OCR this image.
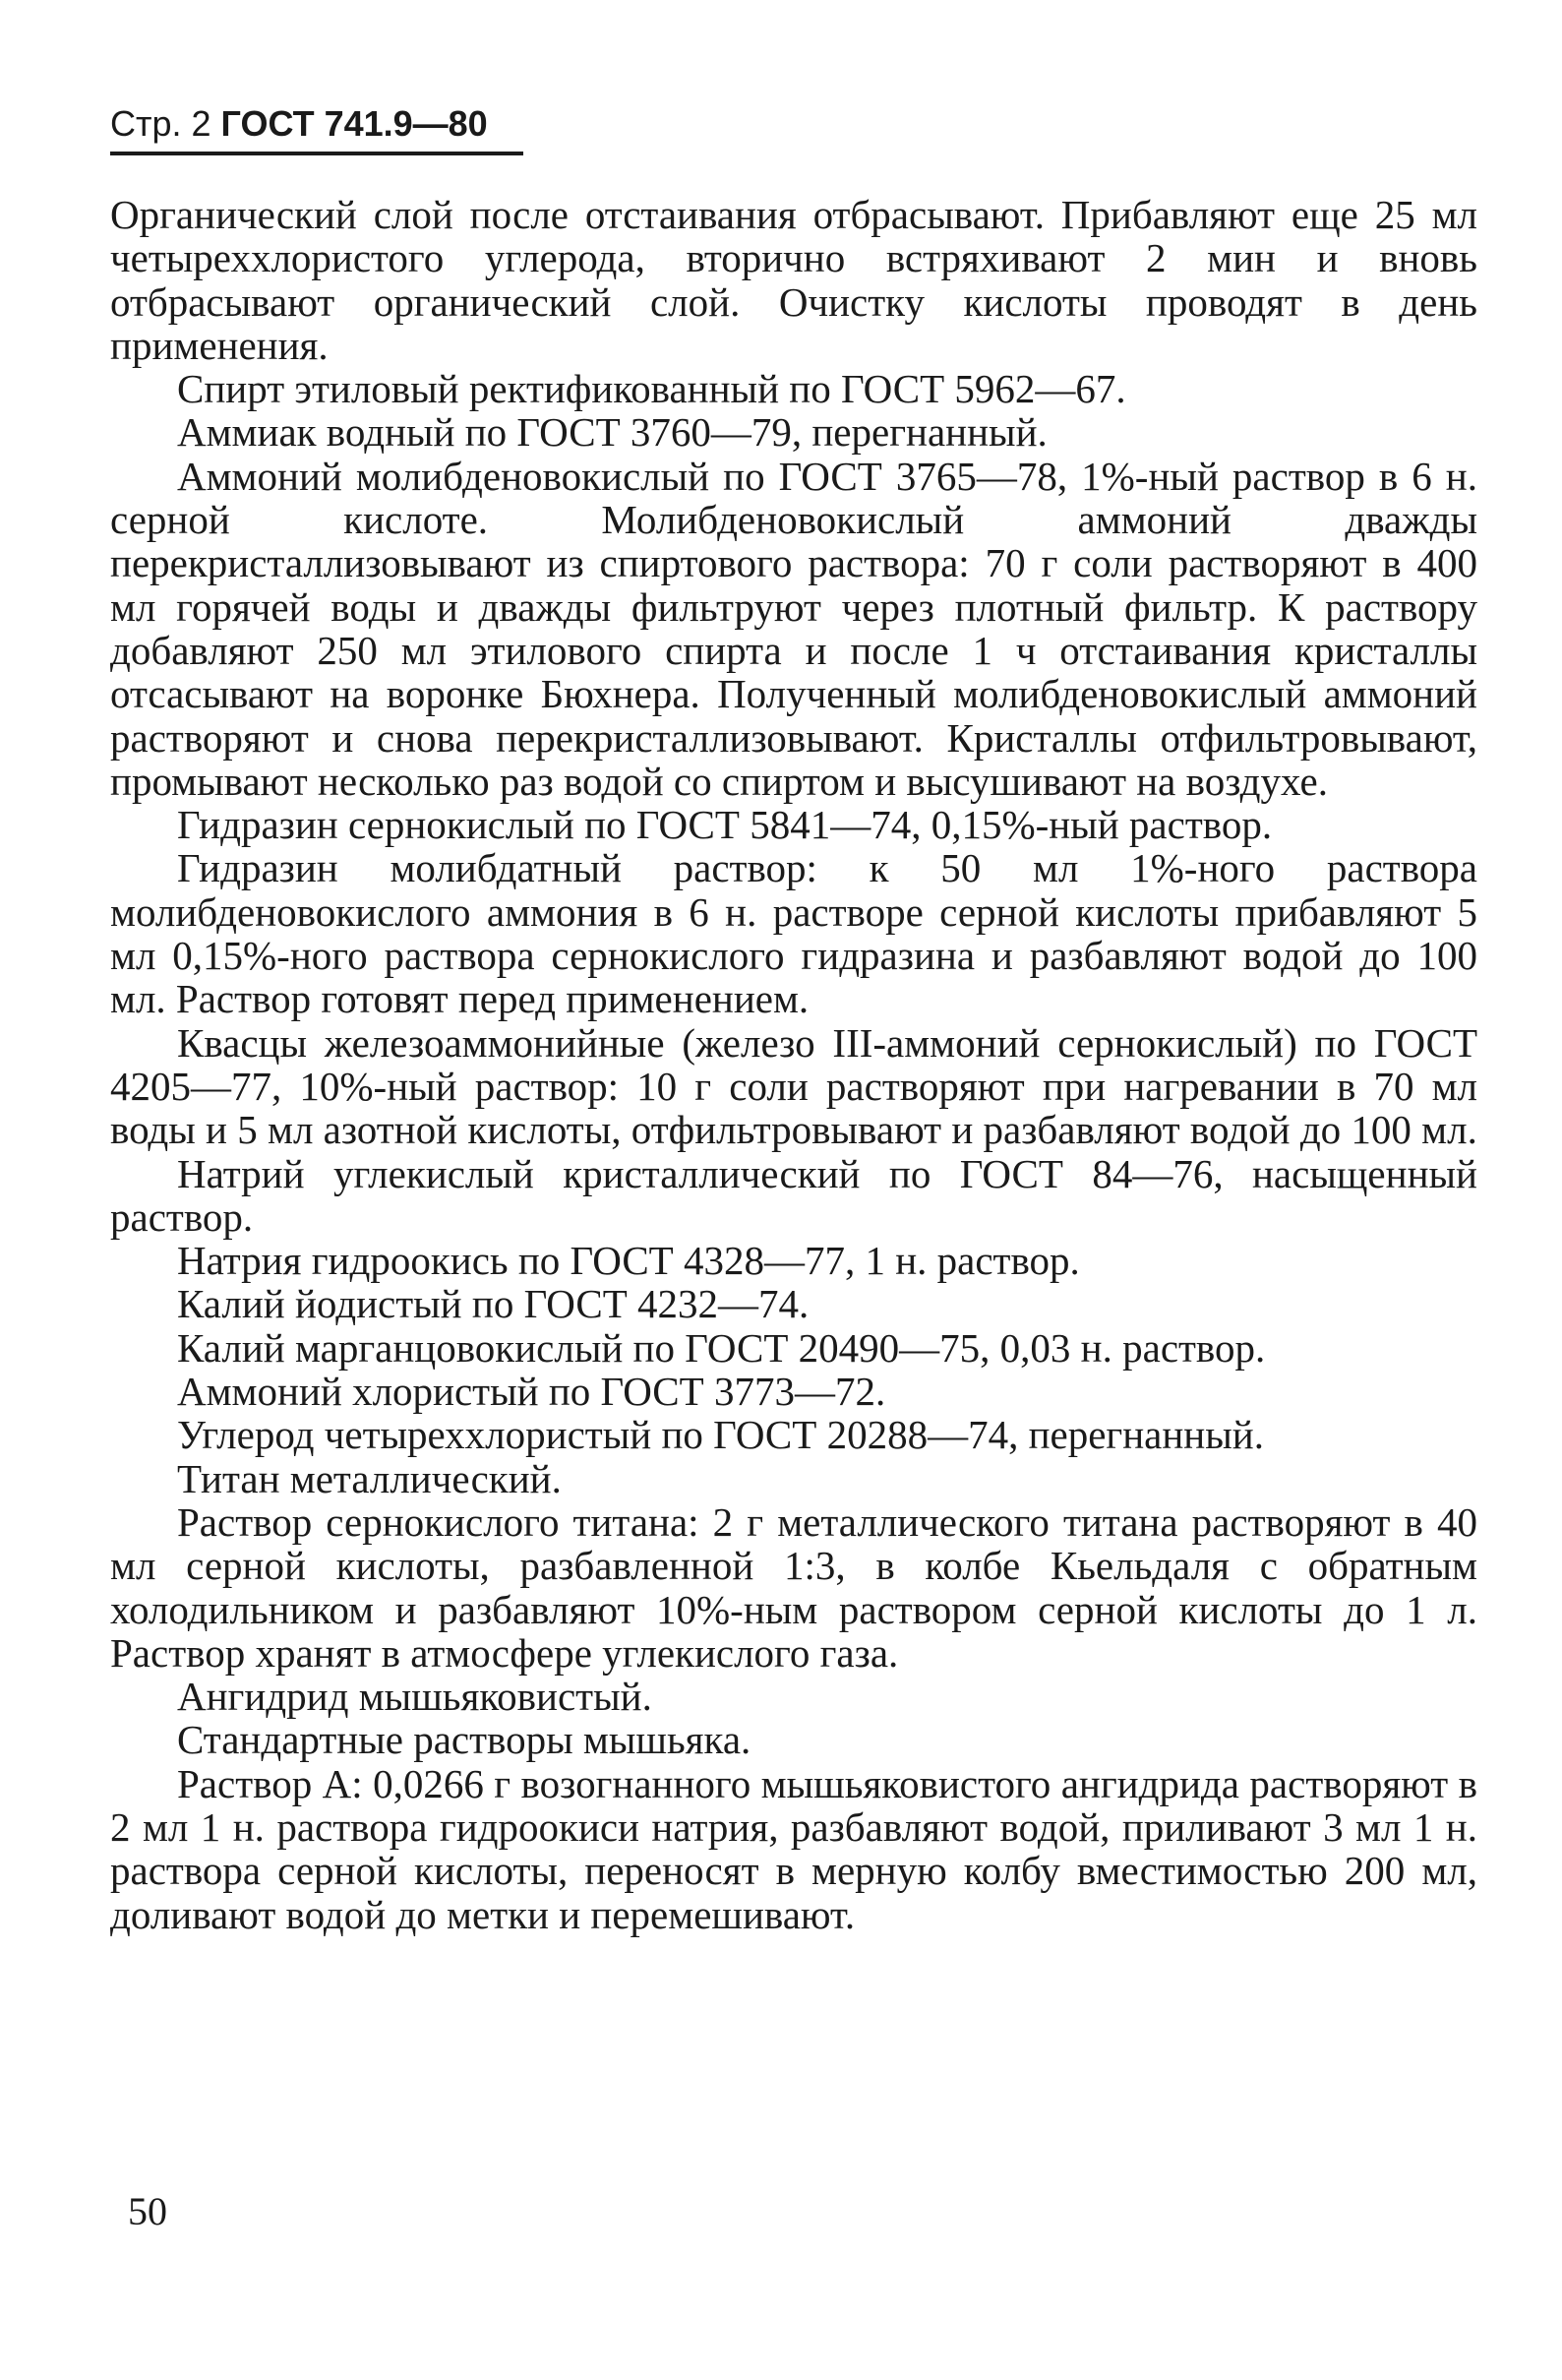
Стр. 2 ГОСТ 741.9—80

Органический слой после отстаивания отбрасывают. Прибавляют еще 25 мл четыреххлористого углерода, вторично встряхивают 2 мин и вновь отбрасывают органический слой. Очистку кислоты проводят в день применения.

Спирт этиловый ректификованный по ГОСТ 5962—67.

Аммиак водный по ГОСТ 3760—79, перегнанный.

Аммоний молибденовокислый по ГОСТ 3765—78, 1%-ный раствор в 6 н. серной кислоте. Молибденовокислый аммоний дважды перекристаллизовывают из спиртового раствора: 70 г соли растворяют в 400 мл горячей воды и дважды фильтруют через плотный фильтр. К раствору добавляют 250 мл этилового спирта и после 1 ч отстаивания кристаллы отсасывают на воронке Бюхнера. Полученный молибденовокислый аммоний растворяют и снова перекристаллизовывают. Кристаллы отфильтровывают, промывают несколько раз водой со спиртом и высушивают на воздухе.

Гидразин сернокислый по ГОСТ 5841—74, 0,15%-ный раствор.

Гидразин молибдатный раствор: к 50 мл 1%-ного раствора молибденовокислого аммония в 6 н. растворе серной кислоты прибавляют 5 мл 0,15%-ного раствора сернокислого гидразина и разбавляют водой до 100 мл. Раствор готовят перед применением.

Квасцы железоаммонийные (железо III-аммоний сернокислый) по ГОСТ 4205—77, 10%-ный раствор: 10 г соли растворяют при нагревании в 70 мл воды и 5 мл азотной кислоты, отфильтровывают и разбавляют водой до 100 мл.

Натрий углекислый кристаллический по ГОСТ 84—76, насыщенный раствор.

Натрия гидроокись по ГОСТ 4328—77, 1 н. раствор.

Калий йодистый по ГОСТ 4232—74.

Калий марганцовокислый по ГОСТ 20490—75, 0,03 н. раствор.

Аммоний хлористый по ГОСТ 3773—72.

Углерод четыреххлористый по ГОСТ 20288—74, перегнанный.

Титан металлический.

Раствор сернокислого титана: 2 г металлического титана растворяют в 40 мл серной кислоты, разбавленной 1:3, в колбе Кьельдаля с обратным холодильником и разбавляют 10%-ным раствором серной кислоты до 1 л. Раствор хранят в атмосфере углекислого газа.

Ангидрид мышьяковистый.

Стандартные растворы мышьяка.

Раствор А: 0,0266 г возогнанного мышьяковистого ангидрида растворяют в 2 мл 1 н. раствора гидроокиси натрия, разбавляют водой, приливают 3 мл 1 н. раствора серной кислоты, переносят в мерную колбу вместимостью 200 мл, доливают водой до метки и перемешивают.

50
